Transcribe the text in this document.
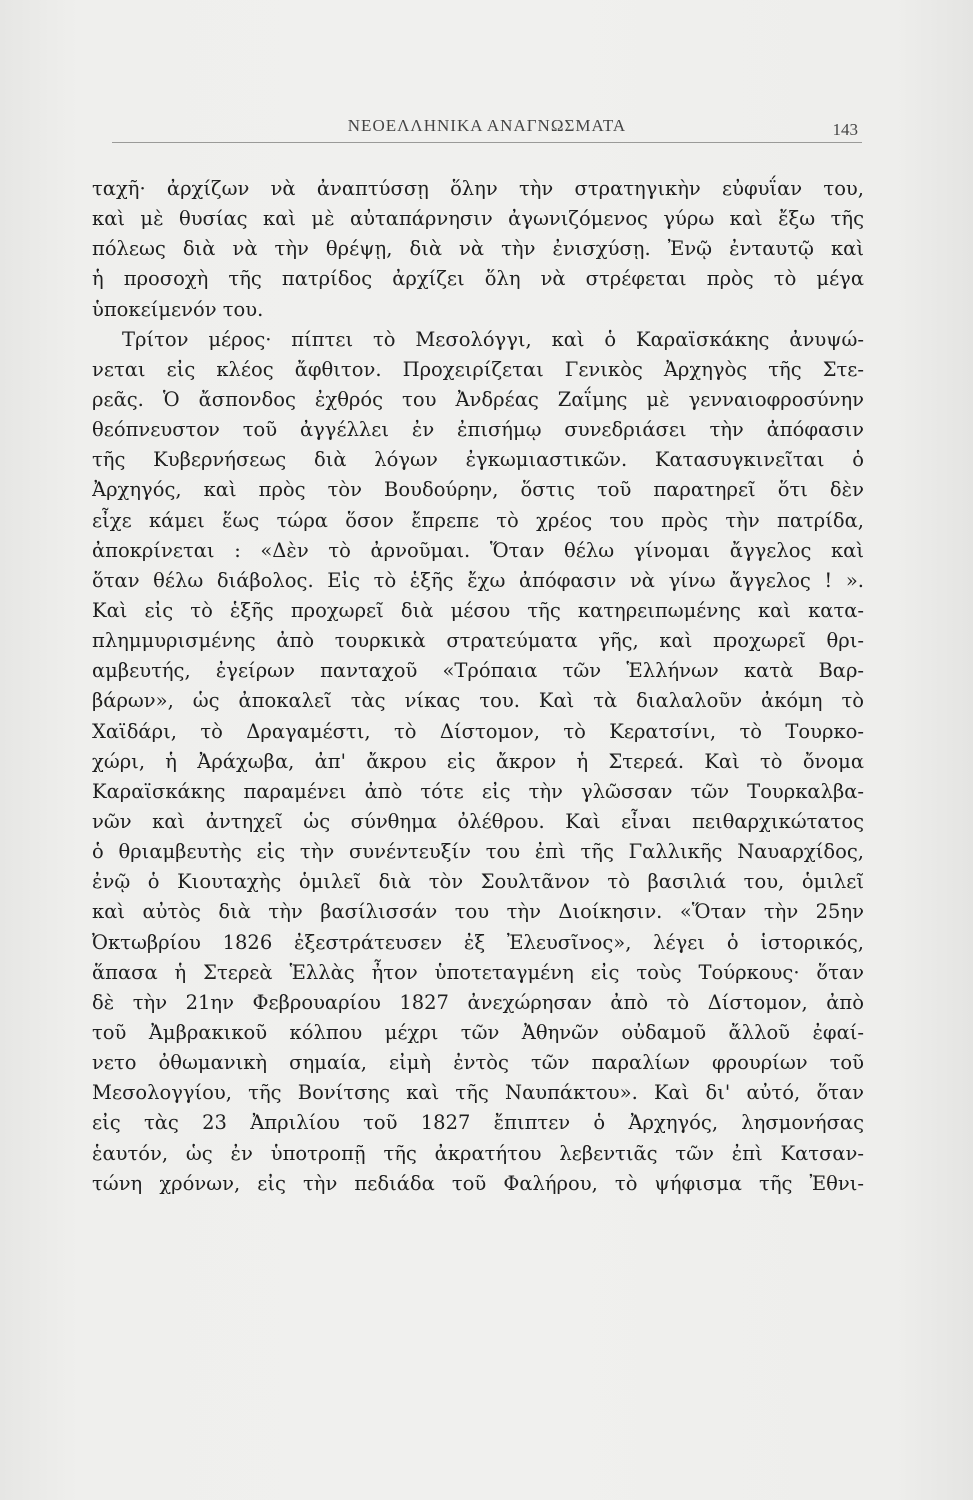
ΝΕΟΕΛΛΗΝΙΚΑ ΑΝΑΓΝΩΣΜΑΤΑ	143
ταχῆ· ἀρχίζων νὰ ἀναπτύσσῃ ὅλην τὴν στρατηγικὴν εὐφυΐαν του,
καὶ μὲ θυσίας καὶ μὲ αὐταπάρνησιν ἀγωνιζόμενος γύρω καὶ ἔξω τῆς
πόλεως διὰ νὰ τὴν θρέψῃ, διὰ νὰ τὴν ἐνισχύσῃ. Ἐνῷ ἐνταυτῷ καὶ
ἡ προσοχὴ τῆς πατρίδος ἀρχίζει ὅλη νὰ στρέφεται πρὸς τὸ μέγα
ὑποκείμενόν του.
Τρίτον μέρος· πίπτει τὸ Μεσολόγγι, καὶ ὁ Καραϊσκάκης ἀνυψώ-
νεται εἰς κλέος ἄφθιτον. Προχειρίζεται Γενικὸς Ἀρχηγὸς τῆς Στε-
ρεᾶς. Ὁ ἄσπονδος ἐχθρός του Ἀνδρέας Ζαΐμης μὲ γενναιοφροσύνην
θεόπνευστον τοῦ ἀγγέλλει ἐν ἐπισήμῳ συνεδριάσει τὴν ἀπόφασιν
τῆς Κυβερνήσεως διὰ λόγων ἐγκωμιαστικῶν. Κατασυγκινεῖται ὁ
Ἀρχηγός, καὶ πρὸς τὸν Βουδούρην, ὅστις τοῦ παρατηρεῖ ὅτι δὲν
εἶχε κάμει ἕως τώρα ὅσον ἔπρεπε τὸ χρέος του πρὸς τὴν πατρίδα,
ἀποκρίνεται : «Δὲν τὸ ἀρνοῦμαι. Ὅταν θέλω γίνομαι ἄγγελος καὶ
ὅταν θέλω διάβολος. Εἰς τὸ ἑξῆς ἔχω ἀπόφασιν νὰ γίνω ἄγγελος ! ».
Καὶ εἰς τὸ ἑξῆς προχωρεῖ διὰ μέσου τῆς κατηρειπωμένης καὶ κατα-
πλημμυρισμένης ἀπὸ τουρκικὰ στρατεύματα γῆς, καὶ προχωρεῖ θρι-
αμβευτής, ἐγείρων πανταχοῦ «Τρόπαια τῶν Ἑλλήνων κατὰ Βαρ-
βάρων», ὡς ἀποκαλεῖ τὰς νίκας του. Καὶ τὰ διαλαλοῦν ἀκόμη τὸ
Χαϊδάρι, τὸ Δραγαμέστι, τὸ Δίστομον, τὸ Κερατσίνι, τὸ Τουρκο-
χώρι, ἡ Ἀράχωβα, ἀπ' ἄκρου εἰς ἄκρον ἡ Στερεά. Καὶ τὸ ὄνομα
Καραϊσκάκης παραμένει ἀπὸ τότε εἰς τὴν γλῶσσαν τῶν Τουρκαλβα-
νῶν καὶ ἀντηχεῖ ὡς σύνθημα ὀλέθρου. Καὶ εἶναι πειθαρχικώτατος
ὁ θριαμβευτὴς εἰς τὴν συνέντευξίν του ἐπὶ τῆς Γαλλικῆς Ναυαρχίδος,
ἐνῷ ὁ Κιουταχὴς ὁμιλεῖ διὰ τὸν Σουλτᾶνον τὸ βασιλιά του, ὁμιλεῖ
καὶ αὐτὸς διὰ τὴν βασίλισσάν του τὴν Διοίκησιν. «Ὅταν τὴν 25ην
Ὀκτωβρίου 1826 ἐξεστράτευσεν ἐξ Ἐλευσῖνος», λέγει ὁ ἱστορικός,
ἅπασα ἡ Στερεὰ Ἑλλὰς ἦτον ὑποτεταγμένη εἰς τοὺς Τούρκους· ὅταν
δὲ τὴν 21ην Φεβρουαρίου 1827 ἀνεχώρησαν ἀπὸ τὸ Δίστομον, ἀπὸ
τοῦ Ἀμβρακικοῦ κόλπου μέχρι τῶν Ἀθηνῶν οὐδαμοῦ ἄλλοῦ ἐφαί-
νετο ὀθωμανικὴ σημαία, εἰμὴ ἐντὸς τῶν παραλίων φρουρίων τοῦ
Μεσολογγίου, τῆς Βονίτσης καὶ τῆς Ναυπάκτου». Καὶ δι' αὐτό, ὅταν
εἰς τὰς 23 Ἀπριλίου τοῦ 1827 ἔπιπτεν ὁ Ἀρχηγός, λησμονήσας
ἑαυτόν, ὡς ἐν ὑποτροπῇ τῆς ἀκρατήτου λεβεντιᾶς τῶν ἐπὶ Κατσαν-
τώνη χρόνων, εἰς τὴν πεδιάδα τοῦ Φαλήρου, τὸ ψήφισμα τῆς Ἐθνι-
